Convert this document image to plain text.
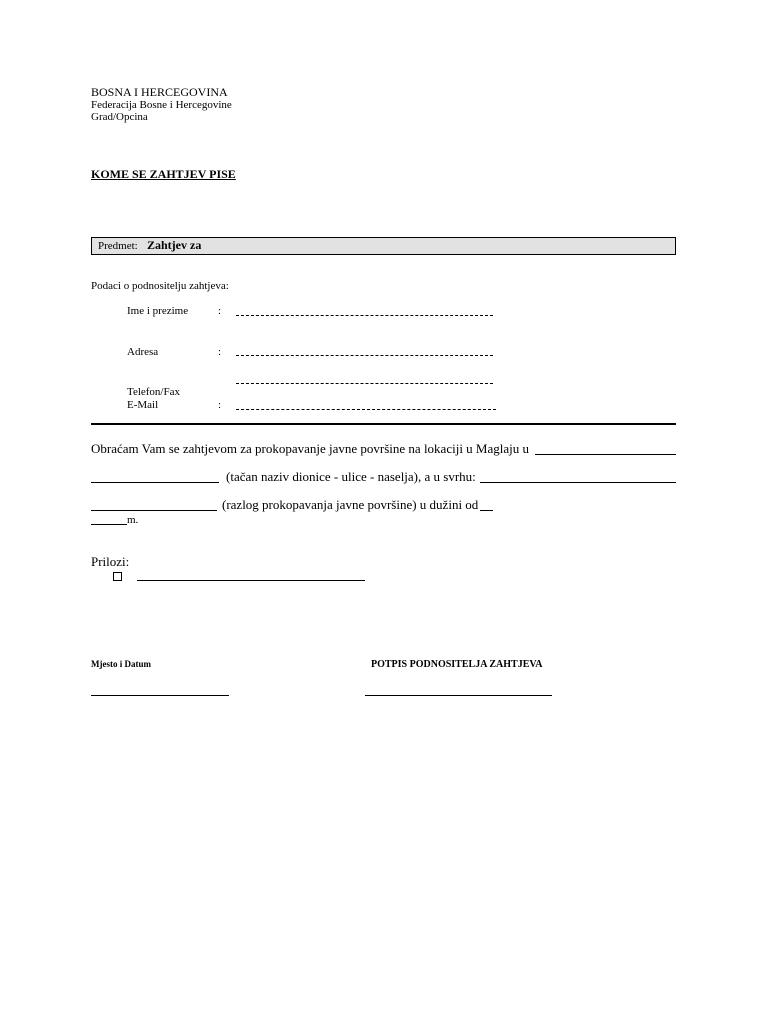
BOSNA I HERCEGOVINA
Federacija Bosne i Hercegovine
Grad/Opcina
KOME SE ZAHTJEV PISE
Predmet: Zahtjev za
Podaci o podnositelju zahtjeva:
Ime i prezime	:
Adresa	:
Telefon/Fax
E-Mail	:
Obraćam Vam se zahtjevom za prokopavanje javne površine na lokaciji u Maglaju u
(tačan naziv dionice - ulice - naselja), a u svrhu:
(razlog prokopavanja javne površine) u dužini od
m.
Prilozi:
Mjesto i Datum	POTPIS PODNOSITELJA ZAHTJEVA
